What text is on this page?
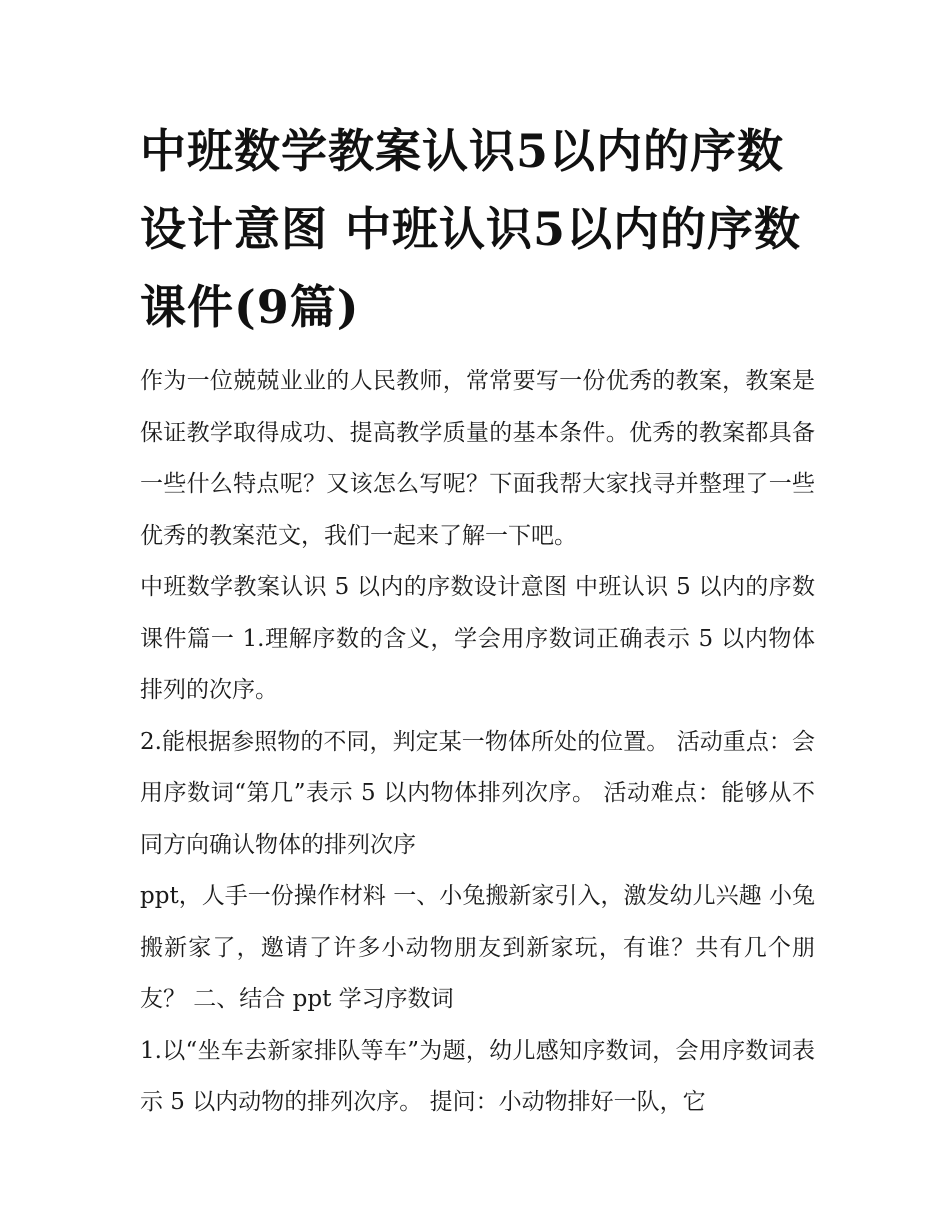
中班数学教案认识5以内的序数设计意图 中班认识5以内的序数课件(9篇)

作为一位兢兢业业的人民教师，常常要写一份优秀的教案，教案是保证教学取得成功、提高教学质量的基本条件。优秀的教案都具备一些什么特点呢？又该怎么写呢？下面我帮大家找寻并整理了一些优秀的教案范文，我们一起来了解一下吧。

中班数学教案认识 5 以内的序数设计意图 中班认识 5 以内的序数课件篇一 1.理解序数的含义，学会用序数词正确表示 5 以内物体排列的次序。

2.能根据参照物的不同，判定某一物体所处的位置。 活动重点：会用序数词“第几”表示 5 以内物体排列次序。 活动难点：能够从不同方向确认物体的排列次序

ppt，人手一份操作材料 一、小兔搬新家引入，激发幼儿兴趣 小兔搬新家了，邀请了许多小动物朋友到新家玩，有谁？共有几个朋友？ 二、结合 ppt 学习序数词

1.以“坐车去新家排队等车”为题，幼儿感知序数词，会用序数词表示 5 以内动物的排列次序。 提问：小动物排好一队，它
